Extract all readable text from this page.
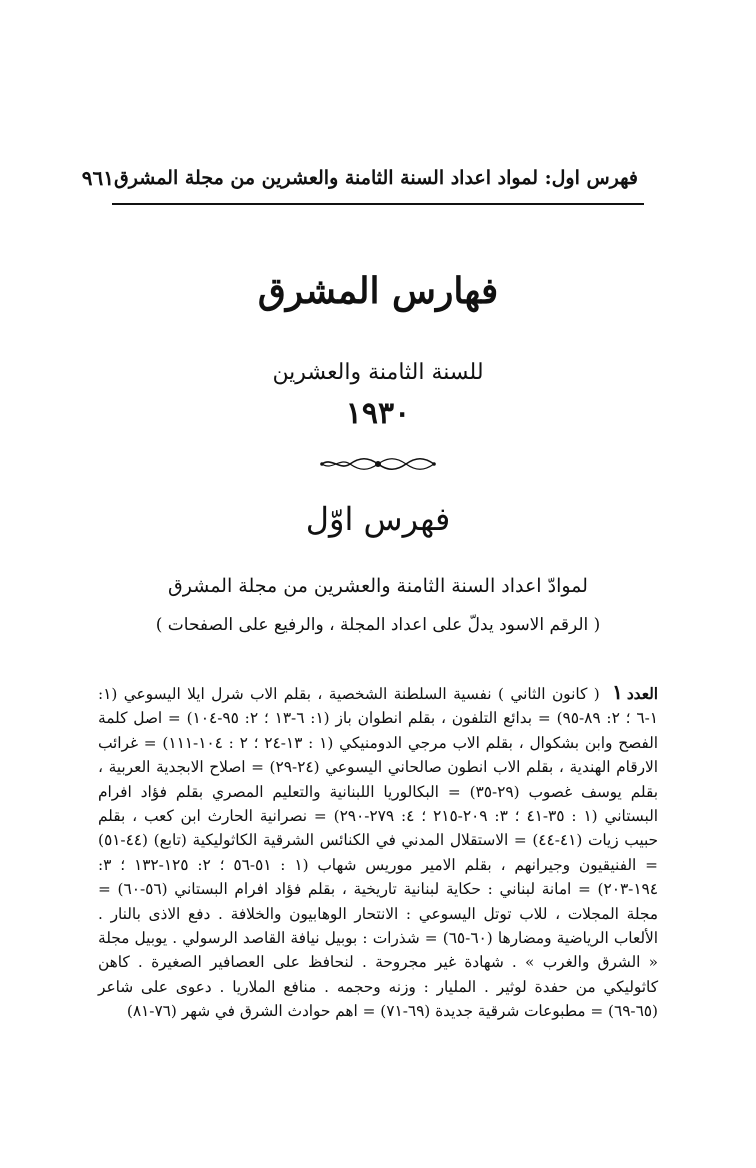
فهرس اول: لمواد اعداد السنة الثامنة والعشرين من مجلة المشرق
٩٦١
فهارس المشرق
للسنة الثامنة والعشرين
١٩٣٠
فهرس اوّل
لموادّ اعداد السنة الثامنة والعشرين من مجلة المشرق
( الرقم الاسود يدلّ على اعداد المجلة ، والرفيع على الصفحات )
العدد١ ( كانون الثاني ) نفسية السلطنة الشخصية ، بقلم الاب شرل ايلا اليسوعي (١: ١-٦ ؛ ٢: ٨٩-٩٥) = بدائع التلفون ، بقلم انطوان باز (١: ٦-١٣ ؛ ٢: ٩٥-١٠٤) = اصل كلمة الفصح وابن بشكوال ، بقلم الاب مرجي الدومنيكي (١ : ١٣-٢٤ ؛ ٢ : ١٠٤-١١١) = غرائب الارقام الهندية ، بقلم الاب انطون صالحاني اليسوعي (٢٤-٢٩) = اصلاح الابجدية العربية ، بقلم يوسف غصوب (٢٩-٣٥) = البكالوريا اللبنانية والتعليم المصري بقلم فؤاد افرام البستاني (١ : ٣٥-٤١ ؛ ٣: ٢٠٩-٢١٥ ؛ ٤: ٢٧٩-٢٩٠) = نصرانية الحارث ابن كعب ، بقلم حبيب زيات (٤١-٤٤) = الاستقلال المدني في الكنائس الشرقية الكاثوليكية (تابع) (٤٤-٥١) = الفنيقيون وجيرانهم ، بقلم الامير موريس شهاب (١ : ٥١-٥٦ ؛ ٢: ١٢٥-١٣٢ ؛ ٣: ١٩٤-٢٠٣) = امانة لبناني : حكاية لبنانية تاريخية ، بقلم فؤاد افرام البستاني (٥٦-٦٠) = مجلة المجلات ، للاب توتل اليسوعي : الانتحار الوهابيون والخلافة . دفع الاذى بالنار . الألعاب الرياضية ومضارها (٦٠-٦٥) = شذرات : بوبيل نيافة القاصد الرسولي . يوبيل مجلة « الشرق والغرب » . شهادة غير مجروحة . لنحافظ على العصافير الصغيرة . كاهن كاثوليكي من حفدة لوثير . المليار : وزنه وحجمه . منافع الملاريا . دعوى على شاعر (٦٥-٦٩) = مطبوعات شرقية جديدة (٦٩-٧١) = اهم حوادث الشرق في شهر (٧٦-٨١)
